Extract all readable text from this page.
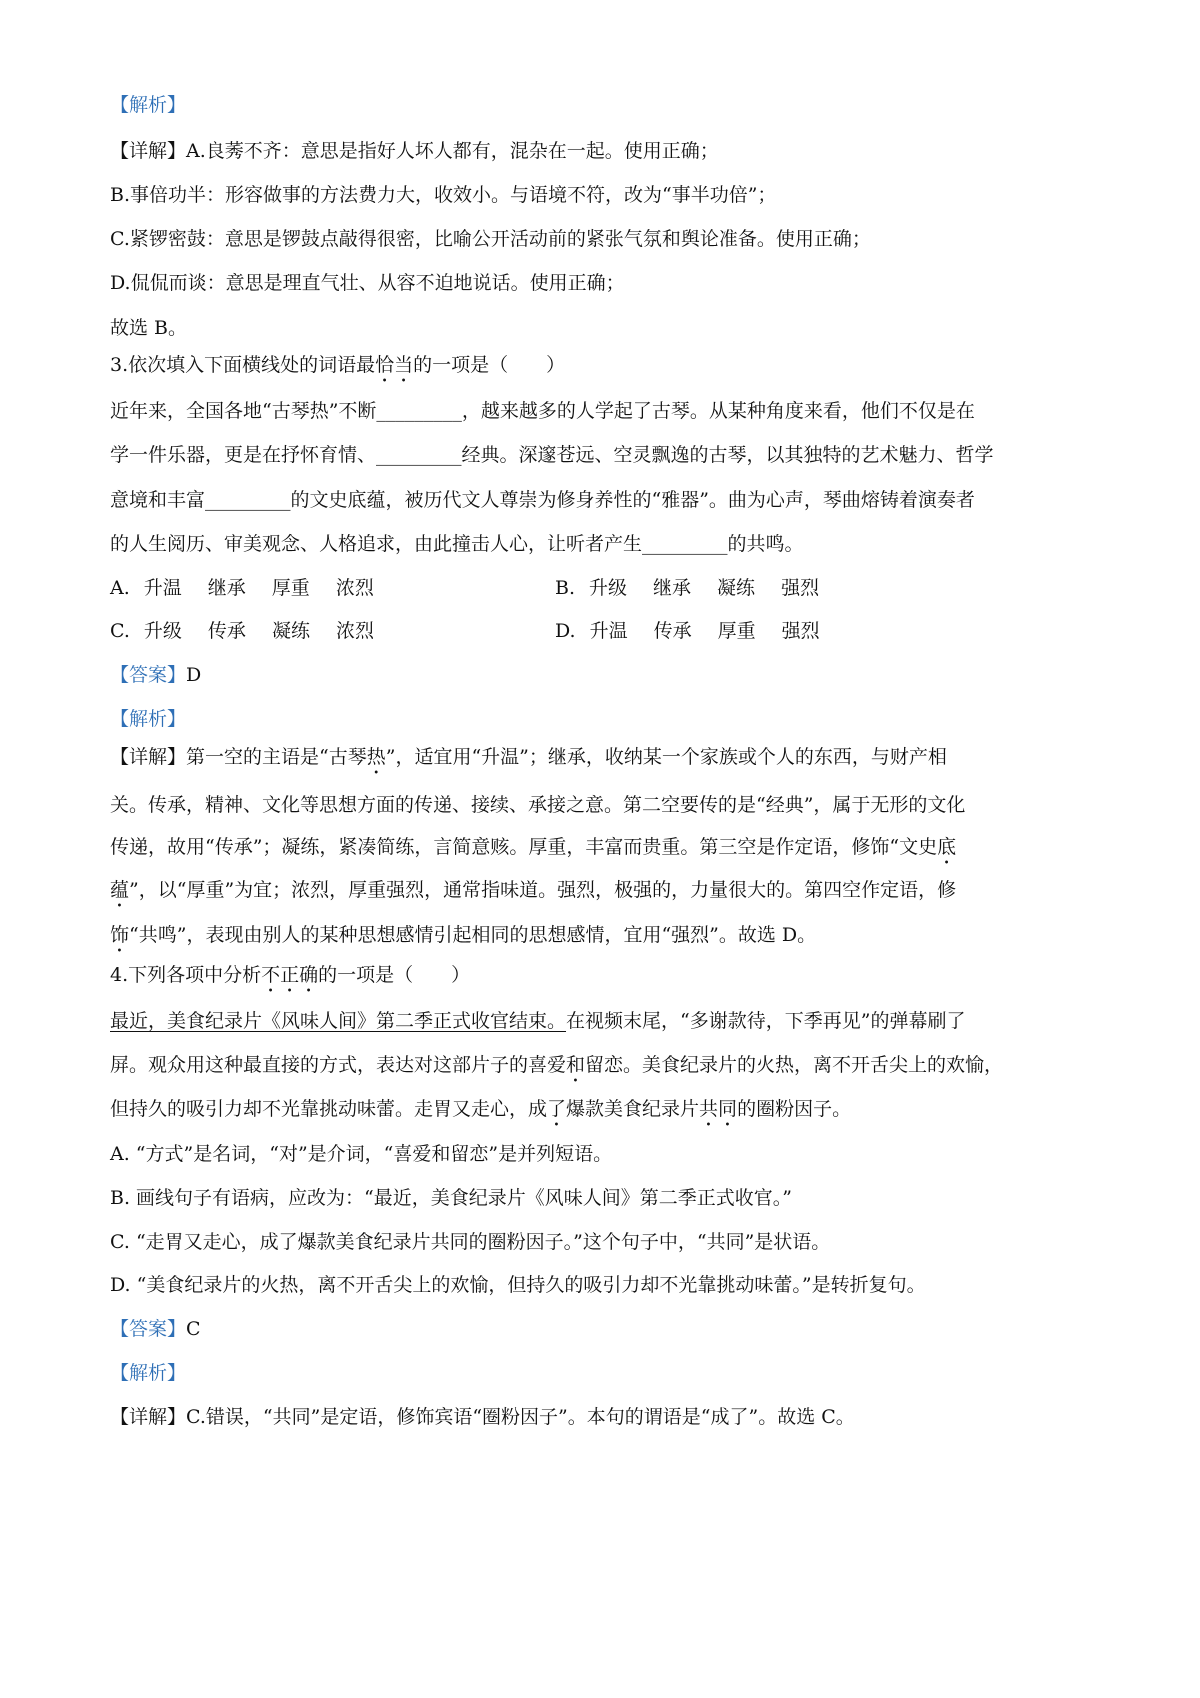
【解析】
【详解】A.良莠不齐：意思是指好人坏人都有，混杂在一起。使用正确；
B.事倍功半：形容做事的方法费力大，收效小。与语境不符，改为“事半功倍”；
C.紧锣密鼓：意思是锣鼓点敲得很密，比喻公开活动前的紧张气氛和舆论准备。使用正确；
D.侃侃而谈：意思是理直气壮、从容不迫地说话。使用正确；
故选 B。
3.依次填入下面横线处的词语最恰当的一项是（　　）
近年来，全国各地“古琴热”不断_________，越来越多的人学起了古琴。从某种角度来看，他们不仅是在
学一件乐器，更是在抒怀育情、_________经典。深邃苍远、空灵飘逸的古琴，以其独特的艺术魅力、哲学
意境和丰富_________的文史底蕴，被历代文人尊崇为修身养性的“雅器”。曲为心声，琴曲熔铸着演奏者
的人生阅历、审美观念、人格追求，由此撞击人心，让听者产生_________的共鸣。
A. 升温 继承 厚重 浓烈	B. 升级 继承 凝练 强烈
C. 升级 传承 凝练 浓烈	D. 升温 传承 厚重 强烈
【答案】D
【解析】
【详解】第一空的主语是“古琴热”，适宜用“升温”；继承，收纳某一个家族或个人的东西，与财产相
关。传承，精神、文化等思想方面的传递、接续、承接之意。第二空要传的是“经典”，属于无形的文化
传递，故用“传承”；凝练，紧凑简练，言简意赅。厚重，丰富而贵重。第三空是作定语，修饰“文史底
蕴”，以“厚重”为宜；浓烈，厚重强烈，通常指味道。强烈，极强的，力量很大的。第四空作定语，修
饰“共鸣”，表现由别人的某种思想感情引起相同的思想感情，宜用“强烈”。故选 D。
4.下列各项中分析不正确的一项是（　　）
最近，美食纪录片《风味人间》第二季正式收官结束。在视频末尾，“多谢款待，下季再见”的弹幕刷了
屏。观众用这种最直接的方式，表达对这部片子的喜爱和留恋。美食纪录片的火热，离不开舌尖上的欢愉，
但持久的吸引力却不光靠挑动味蕾。走胃又走心，成了爆款美食纪录片共同的圈粉因子。
A. “方式”是名词，“对”是介词，“喜爱和留恋”是并列短语。
B. 画线句子有语病，应改为：“最近，美食纪录片《风味人间》第二季正式收官。”
C. “走胃又走心，成了爆款美食纪录片共同的圈粉因子。”这个句子中，“共同”是状语。
D. “美食纪录片的火热，离不开舌尖上的欢愉，但持久的吸引力却不光靠挑动味蕾。”是转折复句。
【答案】C
【解析】
【详解】C.错误，“共同”是定语，修饰宾语“圈粉因子”。本句的谓语是“成了”。故选 C。
